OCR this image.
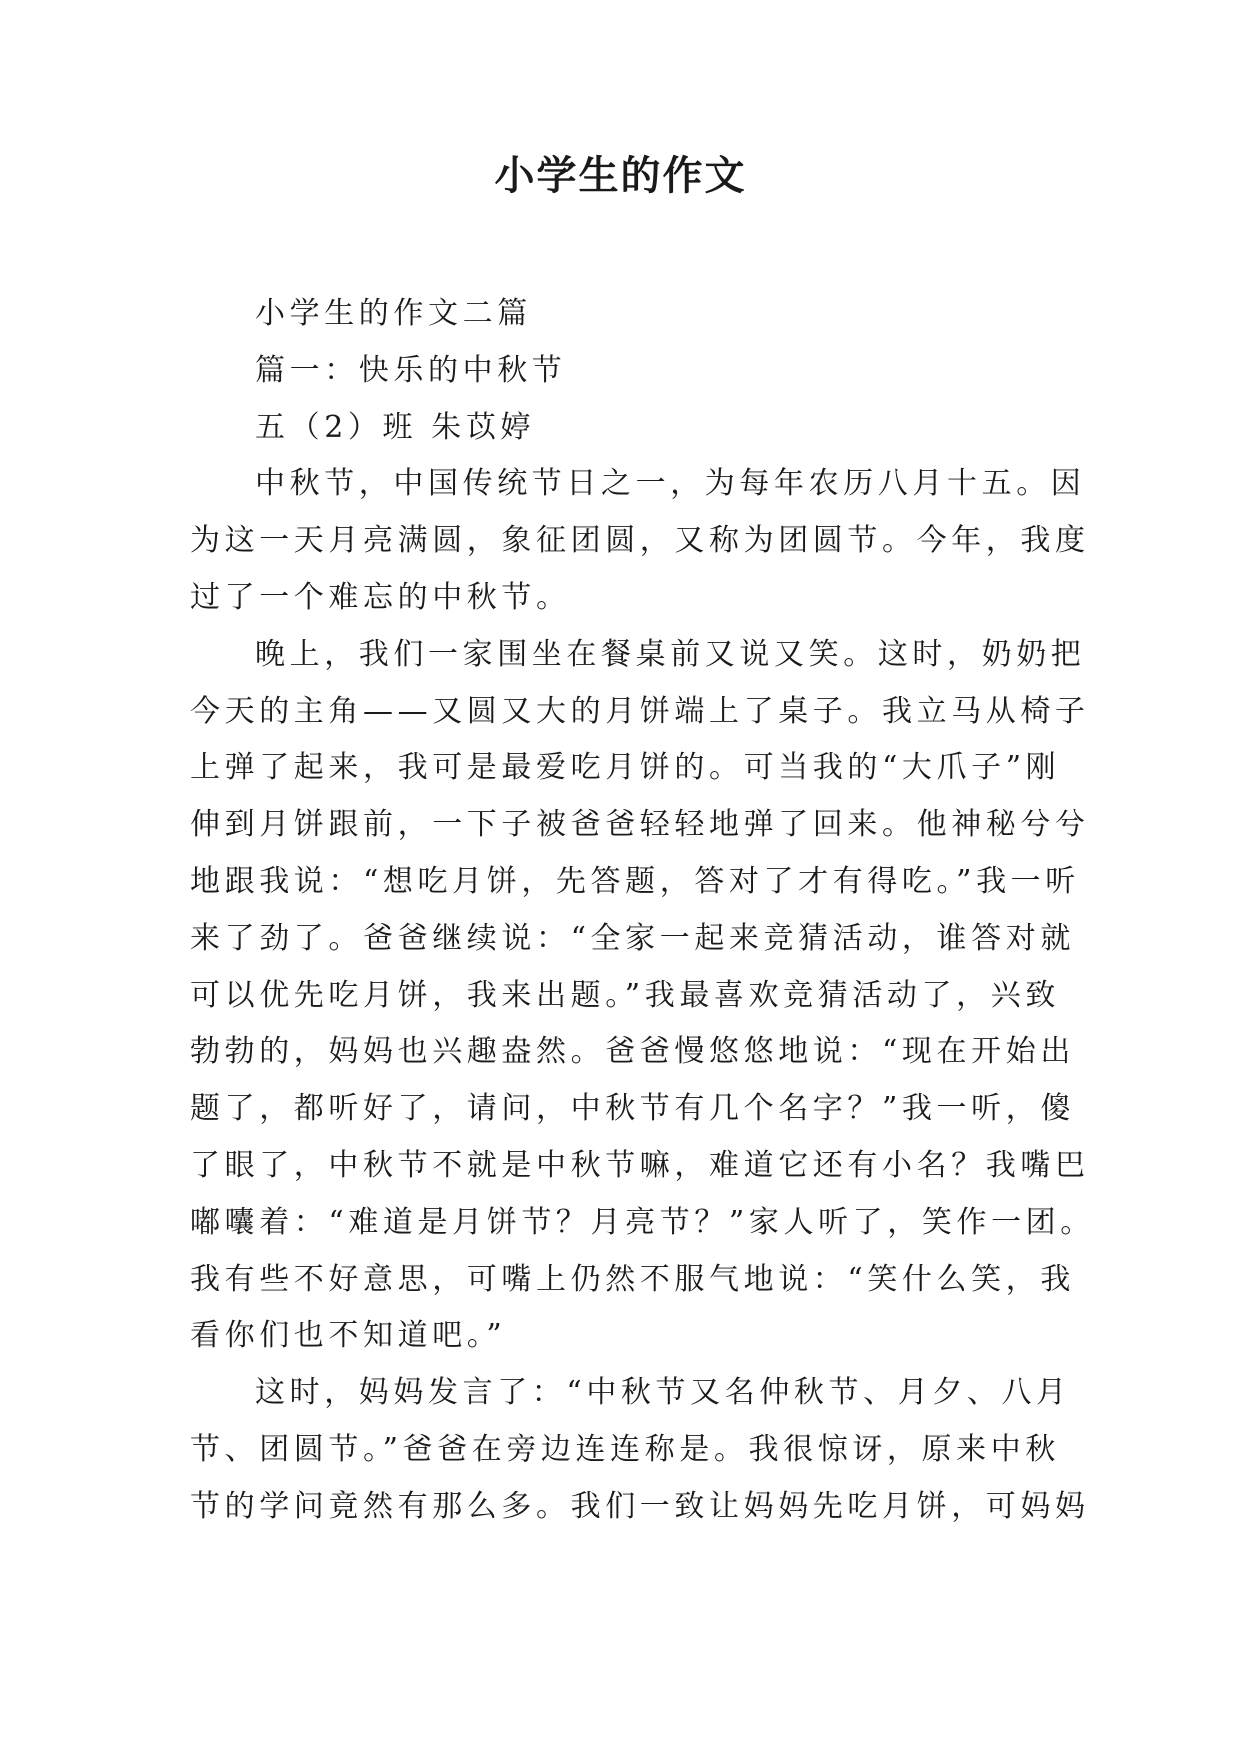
小学生的作文
小学生的作文二篇
篇一：快乐的中秋节
五（2）班 朱苡婷
中秋节，中国传统节日之一，为每年农历八月十五。因
为这一天月亮满圆，象征团圆，又称为团圆节。今年，我度
过了一个难忘的中秋节。
晚上，我们一家围坐在餐桌前又说又笑。这时，奶奶把
今天的主角——又圆又大的月饼端上了桌子。我立马从椅子
上弹了起来，我可是最爱吃月饼的。可当我的“大爪子”刚
伸到月饼跟前，一下子被爸爸轻轻地弹了回来。他神秘兮兮
地跟我说：“想吃月饼，先答题，答对了才有得吃。”我一听
来了劲了。爸爸继续说：“全家一起来竞猜活动，谁答对就
可以优先吃月饼，我来出题。”我最喜欢竞猜活动了，兴致
勃勃的，妈妈也兴趣盎然。爸爸慢悠悠地说：“现在开始出
题了，都听好了，请问，中秋节有几个名字？”我一听，傻
了眼了，中秋节不就是中秋节嘛，难道它还有小名？我嘴巴
嘟囔着：“难道是月饼节？月亮节？”家人听了，笑作一团。
我有些不好意思，可嘴上仍然不服气地说：“笑什么笑，我
看你们也不知道吧。”
这时，妈妈发言了：“中秋节又名仲秋节、月夕、八月
节、团圆节。”爸爸在旁边连连称是。我很惊讶，原来中秋
节的学问竟然有那么多。我们一致让妈妈先吃月饼，可妈妈
